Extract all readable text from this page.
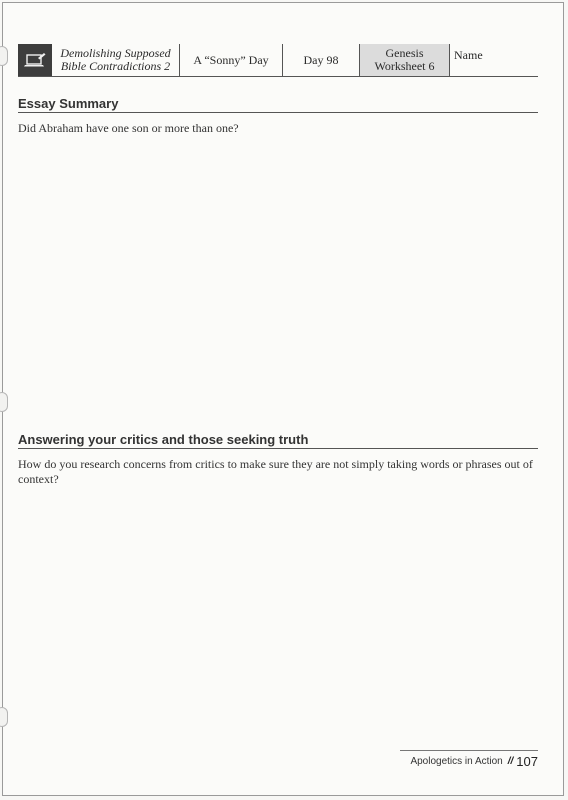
Demolishing Supposed Bible Contradictions 2	A “Sonny” Day	Day 98	Genesis Worksheet 6
Name
Essay Summary
Did Abraham have one son or more than one?
Answering your critics and those seeking truth
How do you research concerns from critics to make sure they are not simply taking words or phrases out of context?
Apologetics in Action // 107
